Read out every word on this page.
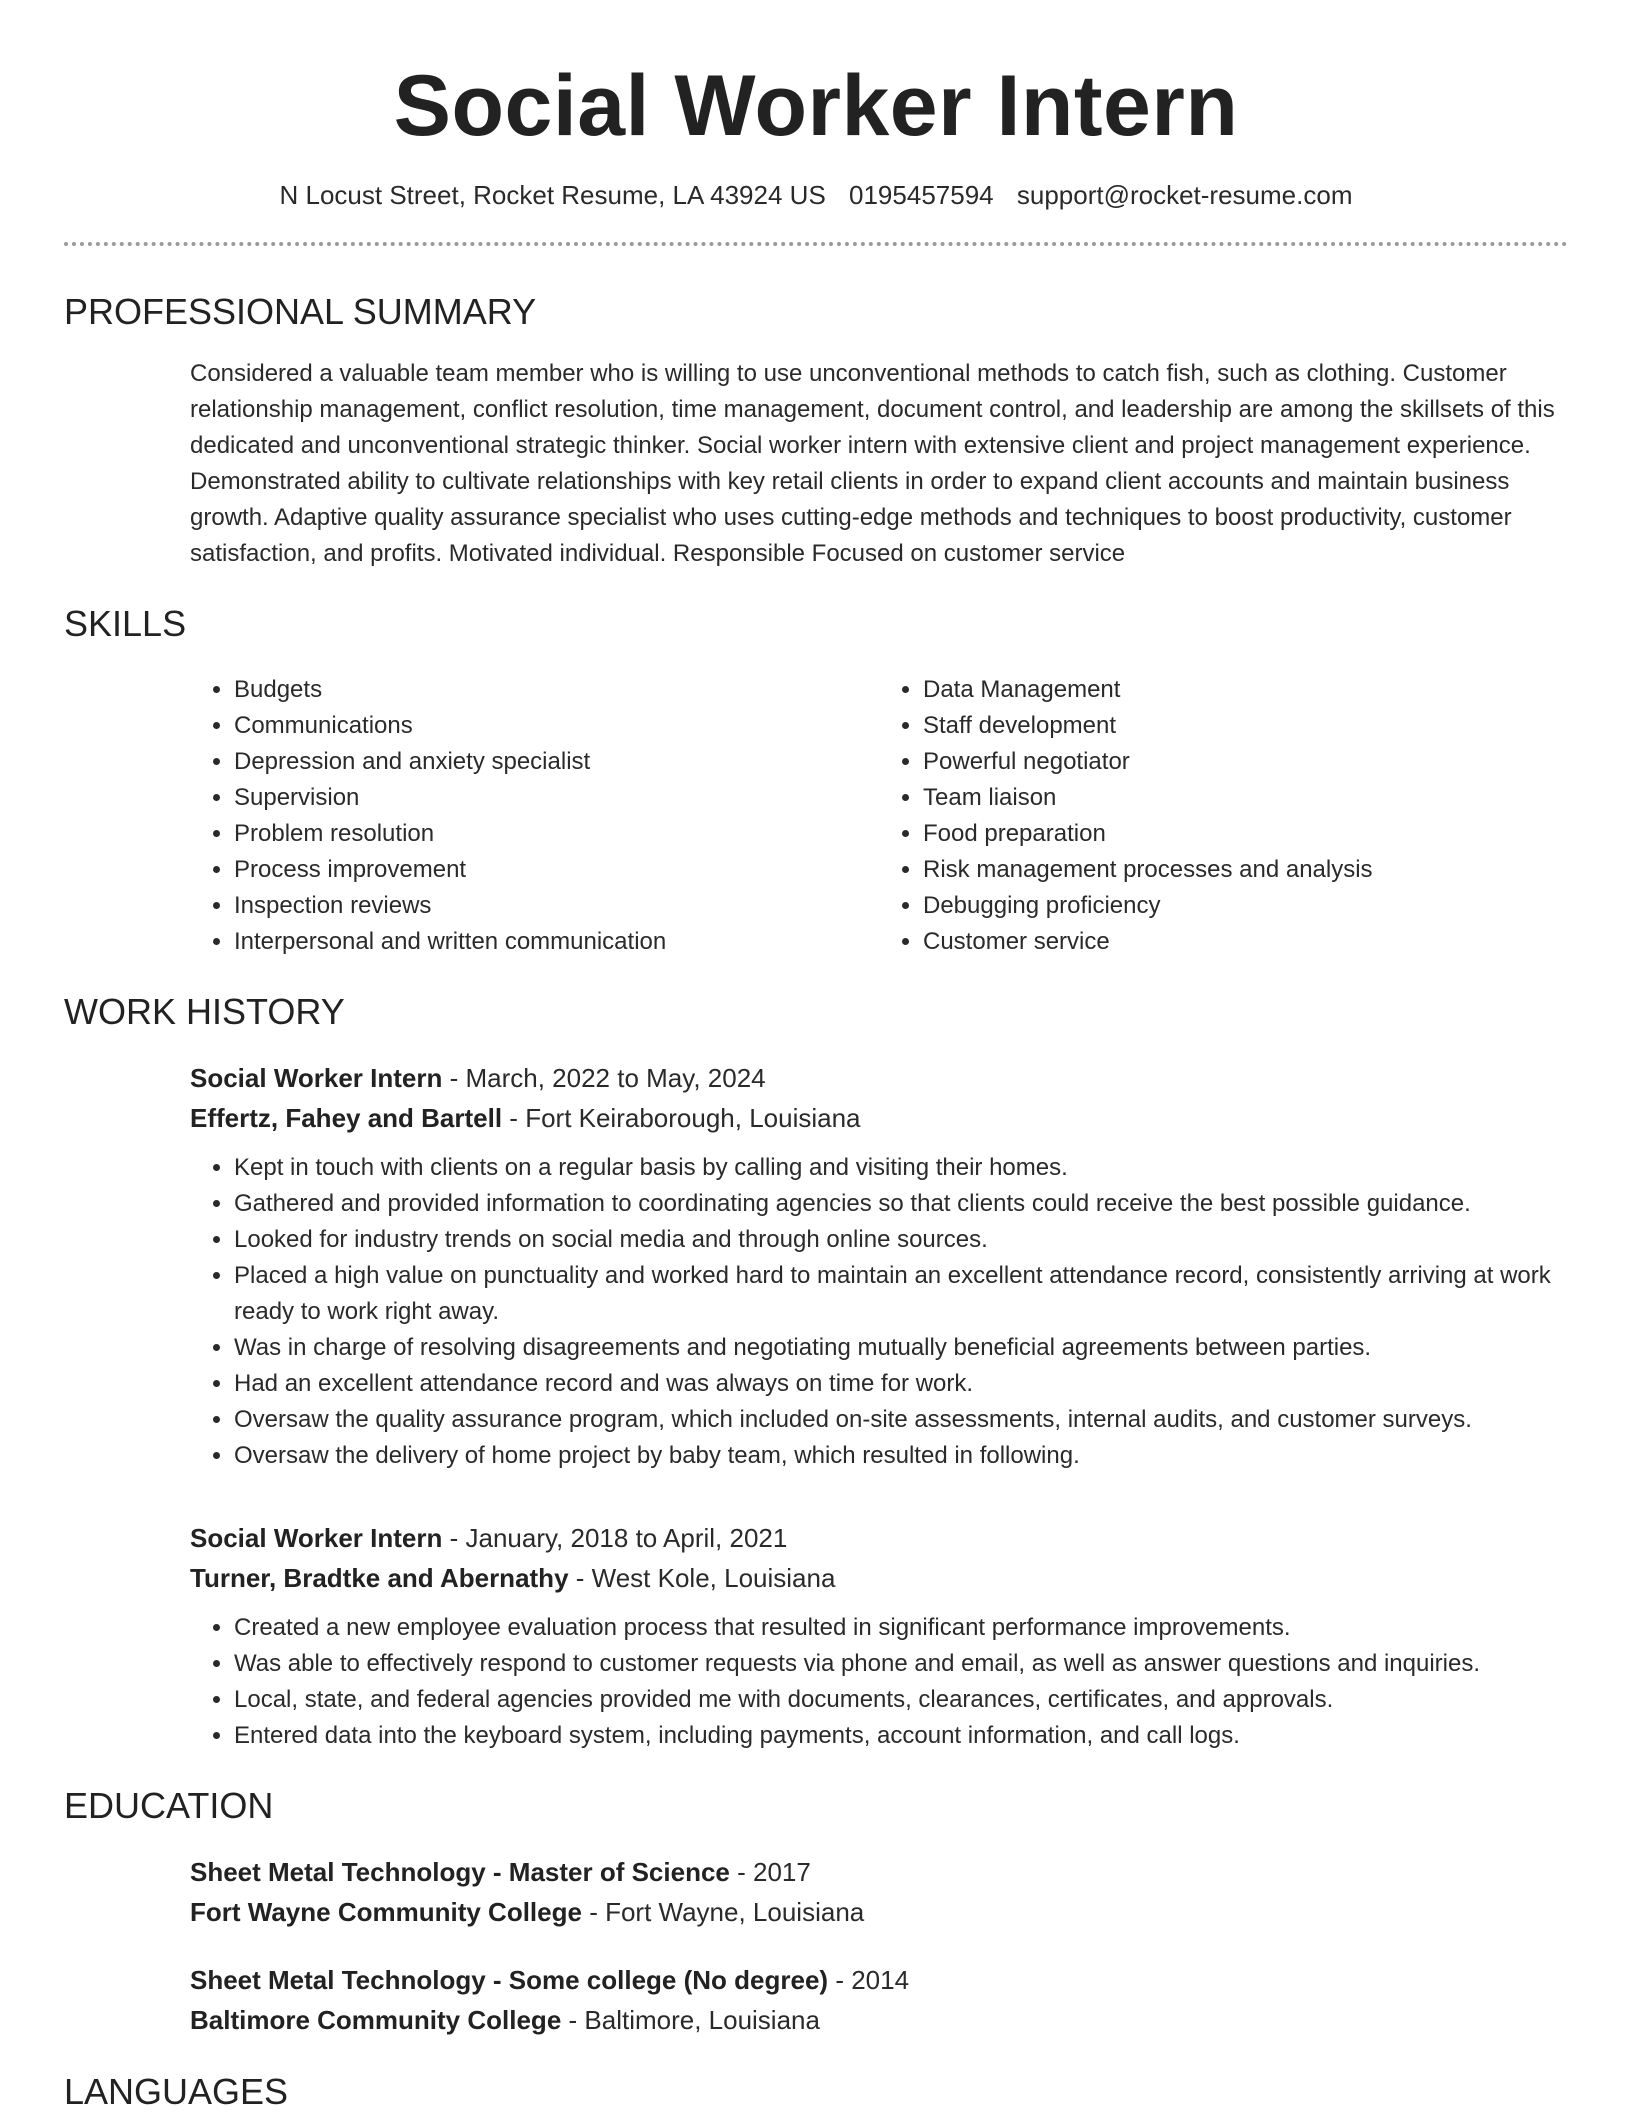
Social Worker Intern
N Locust Street, Rocket Resume, LA 43924 US 0195457594 support@rocket-resume.com
PROFESSIONAL SUMMARY
Considered a valuable team member who is willing to use unconventional methods to catch fish, such as clothing. Customer relationship management, conflict resolution, time management, document control, and leadership are among the skillsets of this dedicated and unconventional strategic thinker. Social worker intern with extensive client and project management experience. Demonstrated ability to cultivate relationships with key retail clients in order to expand client accounts and maintain business growth. Adaptive quality assurance specialist who uses cutting-edge methods and techniques to boost productivity, customer satisfaction, and profits. Motivated individual. Responsible Focused on customer service
SKILLS
• Budgets
• Communications
• Depression and anxiety specialist
• Supervision
• Problem resolution
• Process improvement
• Inspection reviews
• Interpersonal and written communication
• Data Management
• Staff development
• Powerful negotiator
• Team liaison
• Food preparation
• Risk management processes and analysis
• Debugging proficiency
• Customer service
WORK HISTORY
Social Worker Intern - March, 2022 to May, 2024
Effertz, Fahey and Bartell - Fort Keiraborough, Louisiana
• Kept in touch with clients on a regular basis by calling and visiting their homes.
• Gathered and provided information to coordinating agencies so that clients could receive the best possible guidance.
• Looked for industry trends on social media and through online sources.
• Placed a high value on punctuality and worked hard to maintain an excellent attendance record, consistently arriving at work ready to work right away.
• Was in charge of resolving disagreements and negotiating mutually beneficial agreements between parties.
• Had an excellent attendance record and was always on time for work.
• Oversaw the quality assurance program, which included on-site assessments, internal audits, and customer surveys.
• Oversaw the delivery of home project by baby team, which resulted in following.
Social Worker Intern - January, 2018 to April, 2021
Turner, Bradtke and Abernathy - West Kole, Louisiana
• Created a new employee evaluation process that resulted in significant performance improvements.
• Was able to effectively respond to customer requests via phone and email, as well as answer questions and inquiries.
• Local, state, and federal agencies provided me with documents, clearances, certificates, and approvals.
• Entered data into the keyboard system, including payments, account information, and call logs.
EDUCATION
Sheet Metal Technology - Master of Science - 2017
Fort Wayne Community College - Fort Wayne, Louisiana
Sheet Metal Technology - Some college (No degree) - 2014
Baltimore Community College - Baltimore, Louisiana
LANGUAGES
